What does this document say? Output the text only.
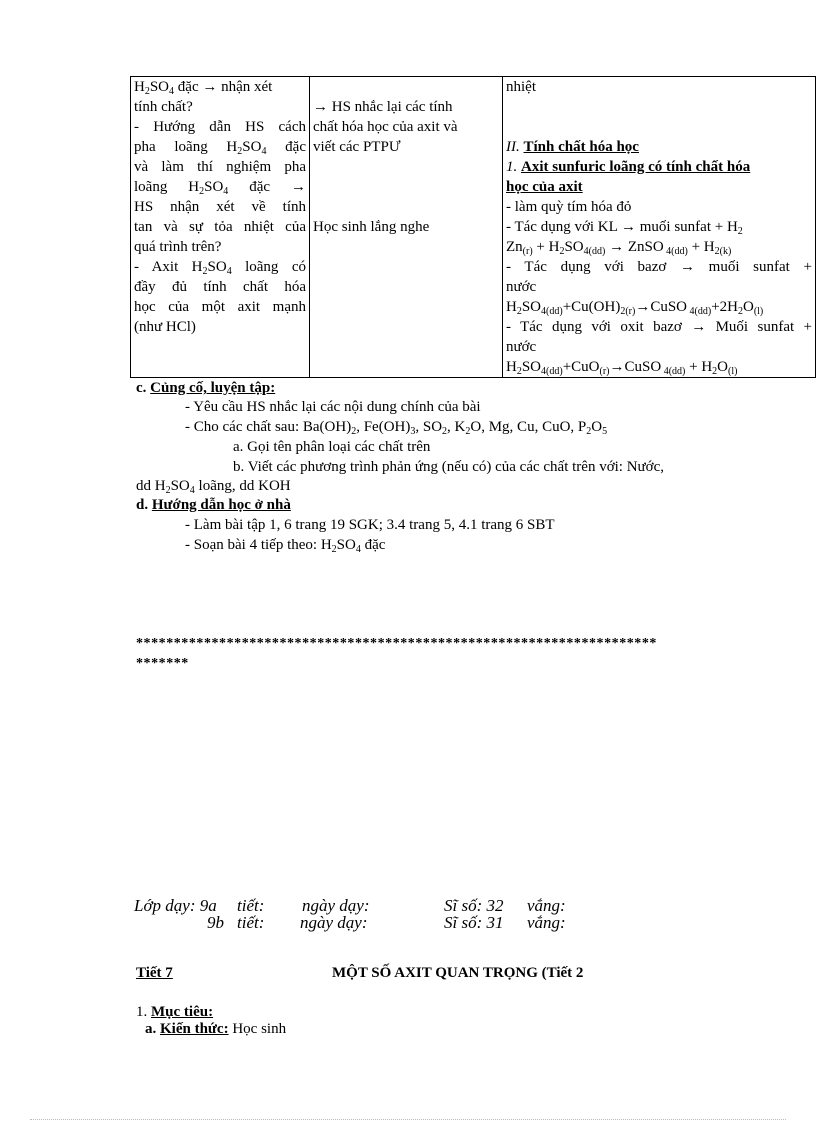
$H_2SO_4$ đặc → nhận xét
tính chất?
- Hướng dẫn HS cách
pha loãng $H_2SO_4$ đặc
và làm thí nghiệm pha
loãng $H_2SO_4$ đặc →
HS nhận xét về tính
tan và sự tỏa nhiệt của
quá trình trên?
- Axit $H_2SO_4$ loãng có
đầy đủ tính chất hóa
học của một axit mạnh
(như HCl)

→ HS nhắc lại các tính
chất hóa học của axit và
viết các PTPƯ

Học sinh lắng nghe

nhiệt

II. Tính chất hóa học
1. Axit sunfuric loãng có tính chất hóa
học của axit
- làm quỳ tím hóa đỏ
- Tác dụng với KL → muối sunfat + $H_2$
$Zn_{(r)} + H_2SO_{4(dd)}$ → ZnSO $_{4(dd)} + H_{2(k)}$
- Tác dụng với bazơ → muối sunfat +
nước
$H_2SO_{4(dd)}+Cu(OH)_{2(r)}\to CuSO$ $_{4(dd)}+2H_2O_{(l)}$
- Tác dụng với oxit bazơ → Muối sunfat +
nước
$H_2SO_{4(dd)}+CuO_{(r)}\to CuSO$ $_{4(dd)} + H_2O_{(l)}$
c. Củng cố, luyện tập:
- Yêu cầu HS nhắc lại các nội dung chính của bài
- Cho các chất sau: $Ba(OH)_2$, $Fe(OH)_3$, $SO_2$, $K_2O$, Mg, Cu, CuO, $P_2O_5$
a. Gọi tên phân loại các chất trên
b. Viết các phương trình phản ứng (nếu có) của các chất trên với: Nước,
dd $H_2SO_4$ loãng, dd KOH
d. Hướng dẫn học ở nhà
- Làm bài tập 1, 6 trang 19 SGK; 3.4 trang 5, 4.1 trang 6 SBT
- Soạn bài 4 tiếp theo: $H_2SO_4$ đặc
*********************************************************************
*******
Lớp dạy: 9a tiết: ngày dạy:	Sĩ số: 32 vắng:
9b tiết: ngày dạy:	Sĩ số: 31 vắng:
Tiết 7	MỘT SỐ AXIT QUAN TRỌNG (Tiết 2
1. Mục tiêu:
a. Kiến thức: Học sinh
